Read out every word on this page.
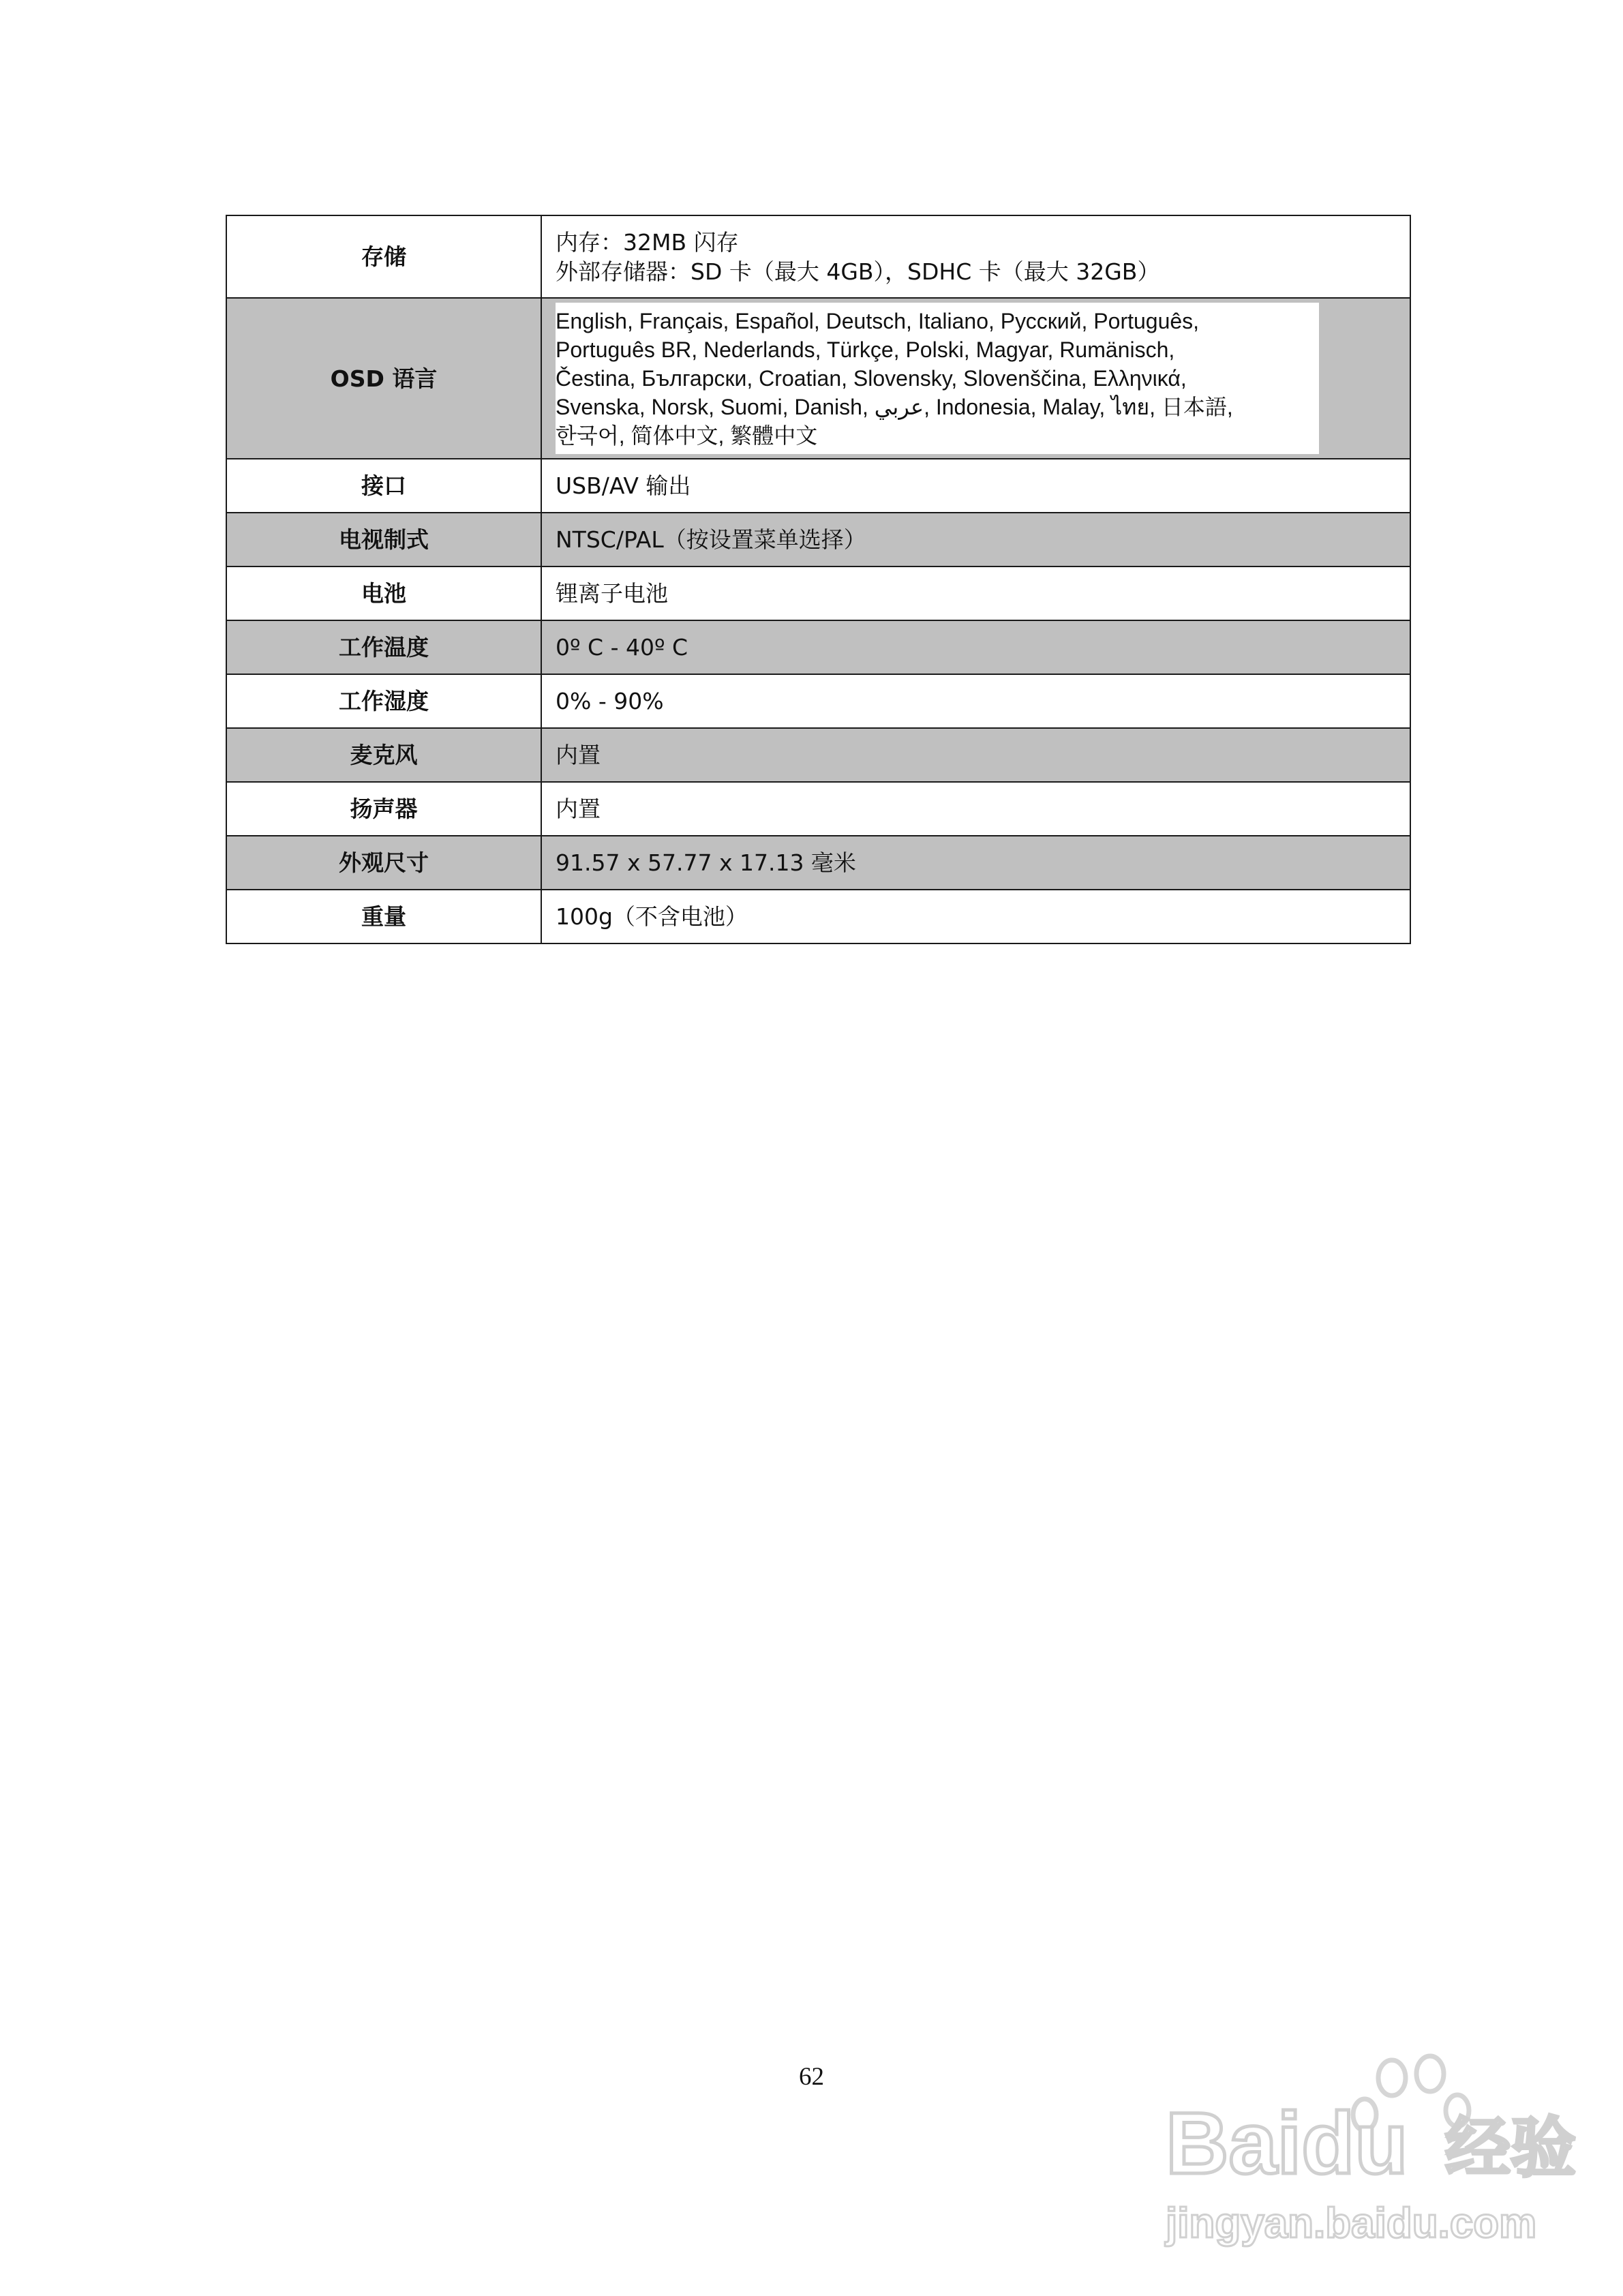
存储	内存：32MB 闪存
外部存储器：SD 卡（最大 4GB），SDHC 卡（最大 32GB）

OSD 语言	English, Français, Español, Deutsch, Italiano, Русский, Português,
Português BR, Nederlands, Türkçe, Polski, Magyar, Rumänisch,
Čestina, Български, Croatian, Slovensky, Slovenščina, Ελληνικά,
Svenska, Norsk, Suomi, Danish, عربي, Indonesia, Malay, ไทย, 日本語,
한국어, 简体中文, 繁體中文

接口	USB/AV 输出
电视制式	NTSC/PAL（按设置菜单选择）
电池	锂离子电池
工作温度	0º C - 40º C
工作湿度	0% - 90%
麦克风	内置
扬声器	内置
外观尺寸	91.57 x 57.77 x 17.13 毫米
重量	100g（不含电池）
62
Baidu 经验
jingyan.baidu.com
